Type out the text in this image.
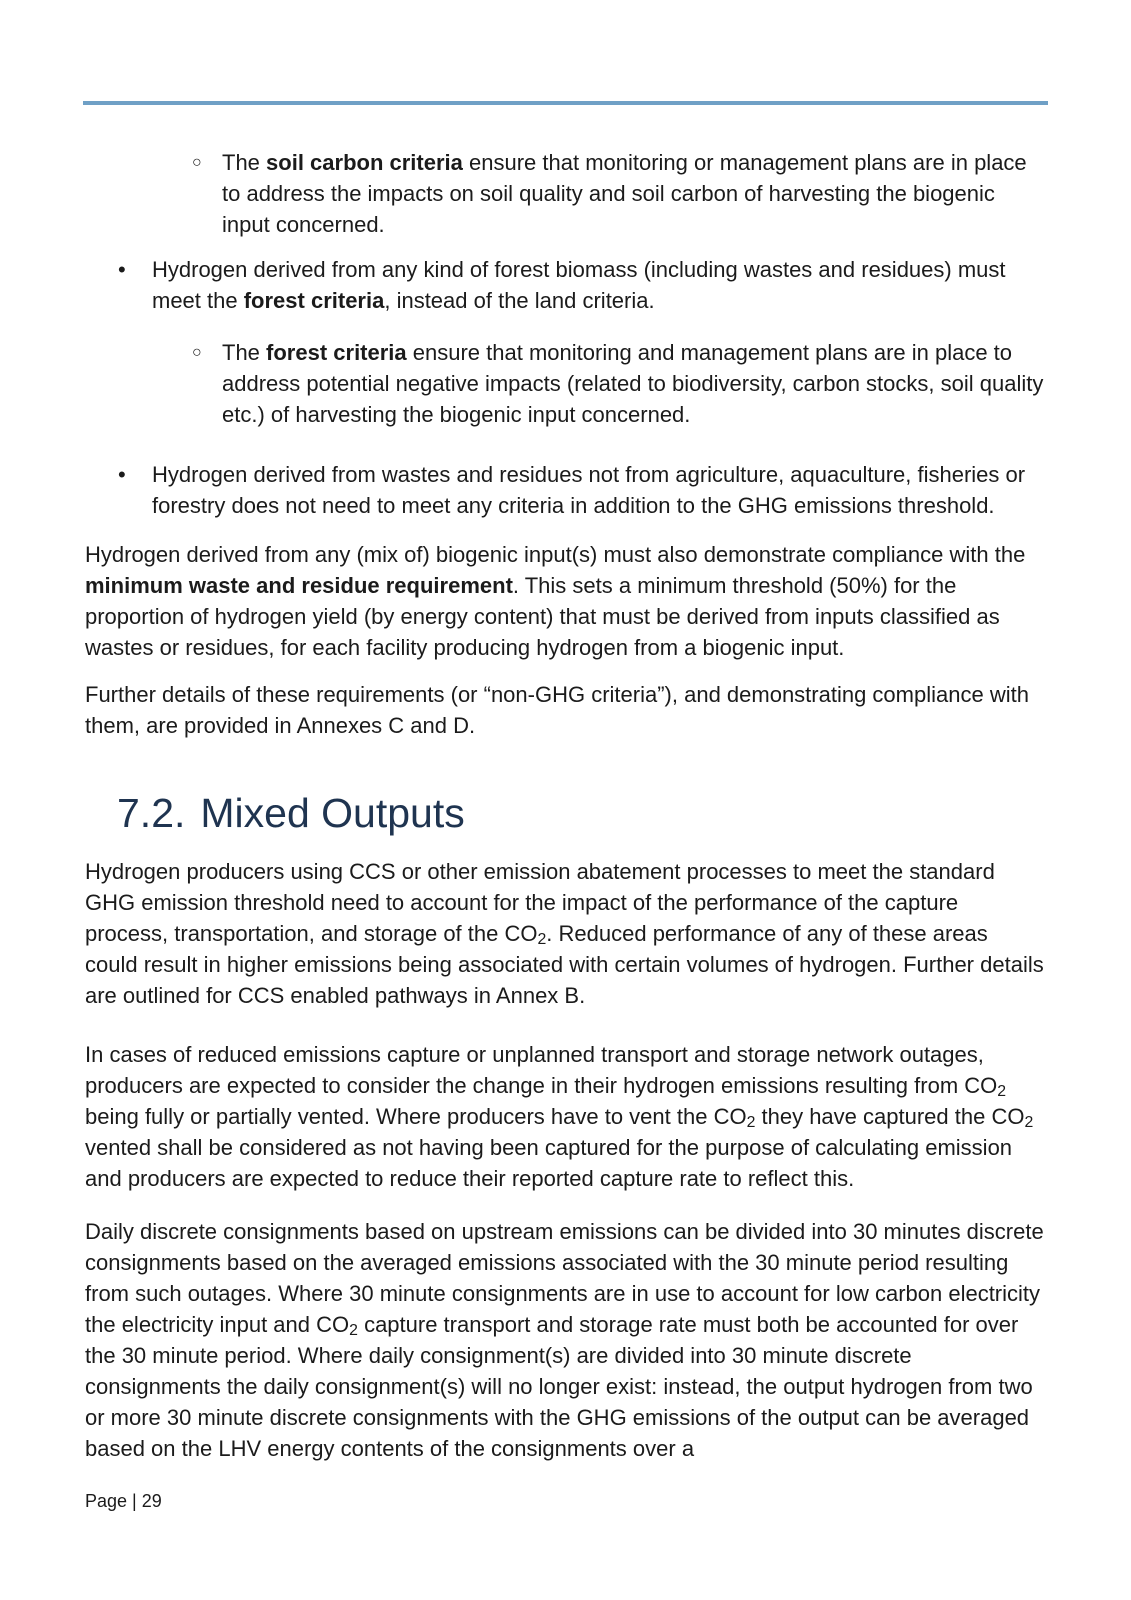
○ The soil carbon criteria ensure that monitoring or management plans are in place to address the impacts on soil quality and soil carbon of harvesting the biogenic input concerned.
• Hydrogen derived from any kind of forest biomass (including wastes and residues) must meet the forest criteria, instead of the land criteria.
○ The forest criteria ensure that monitoring and management plans are in place to address potential negative impacts (related to biodiversity, carbon stocks, soil quality etc.) of harvesting the biogenic input concerned.
• Hydrogen derived from wastes and residues not from agriculture, aquaculture, fisheries or forestry does not need to meet any criteria in addition to the GHG emissions threshold.

Hydrogen derived from any (mix of) biogenic input(s) must also demonstrate compliance with the minimum waste and residue requirement. This sets a minimum threshold (50%) for the proportion of hydrogen yield (by energy content) that must be derived from inputs classified as wastes or residues, for each facility producing hydrogen from a biogenic input.

Further details of these requirements (or “non-GHG criteria”), and demonstrating compliance with them, are provided in Annexes C and D.

7.2. Mixed Outputs

Hydrogen producers using CCS or other emission abatement processes to meet the standard GHG emission threshold need to account for the impact of the performance of the capture process, transportation, and storage of the $CO_2$. Reduced performance of any of these areas could result in higher emissions being associated with certain volumes of hydrogen. Further details are outlined for CCS enabled pathways in Annex B.

In cases of reduced emissions capture or unplanned transport and storage network outages, producers are expected to consider the change in their hydrogen emissions resulting from $CO_2$ being fully or partially vented. Where producers have to vent the $CO_2$ they have captured the $CO_2$ vented shall be considered as not having been captured for the purpose of calculating emission and producers are expected to reduce their reported capture rate to reflect this.

Daily discrete consignments based on upstream emissions can be divided into 30 minutes discrete consignments based on the averaged emissions associated with the 30 minute period resulting from such outages. Where 30 minute consignments are in use to account for low carbon electricity the electricity input and $CO_2$ capture transport and storage rate must both be accounted for over the 30 minute period. Where daily consignment(s) are divided into 30 minute discrete consignments the daily consignment(s) will no longer exist: instead, the output hydrogen from two or more 30 minute discrete consignments with the GHG emissions of the output can be averaged based on the LHV energy contents of the consignments over a

Page | 29
